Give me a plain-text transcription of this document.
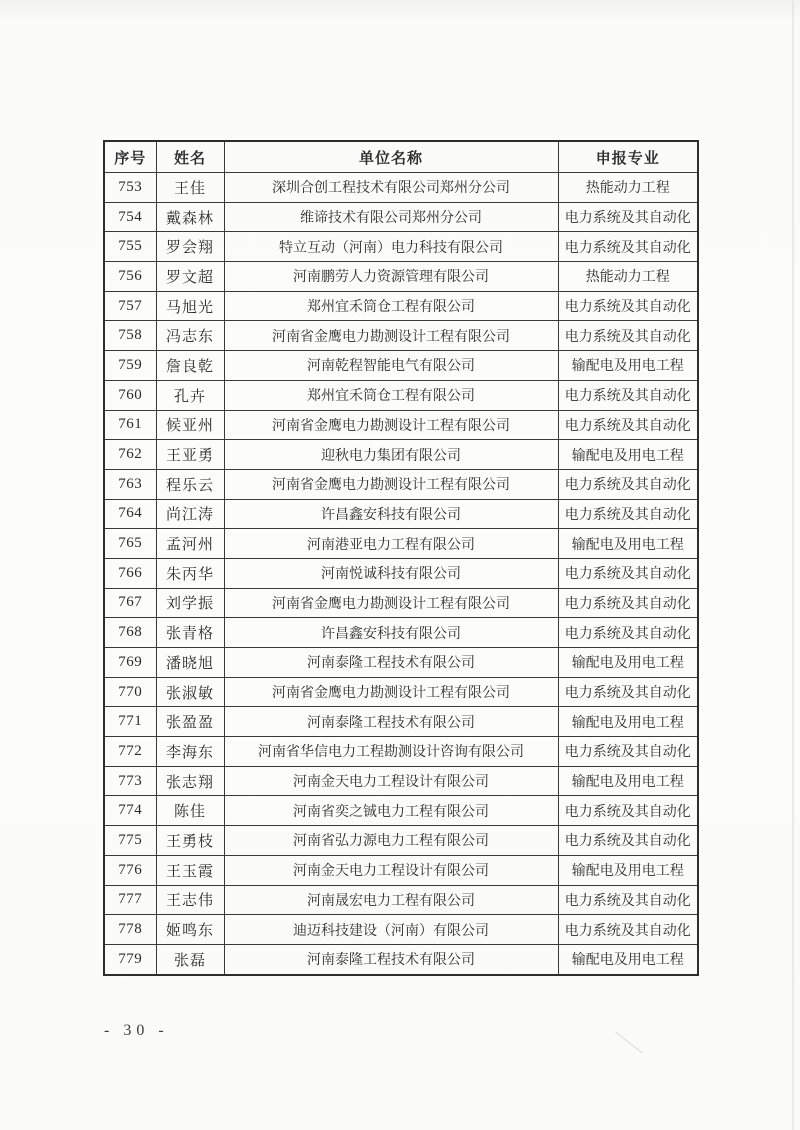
序号	姓名	单位名称	申报专业
753	王佳	深圳合创工程技术有限公司郑州分公司	热能动力工程
754	戴森林	维谛技术有限公司郑州分公司	电力系统及其自动化
755	罗会翔	特立互动（河南）电力科技有限公司	电力系统及其自动化
756	罗文超	河南鹏劳人力资源管理有限公司	热能动力工程
757	马旭光	郑州宜禾筒仓工程有限公司	电力系统及其自动化
758	冯志东	河南省金鹰电力勘测设计工程有限公司	电力系统及其自动化
759	詹良乾	河南乾程智能电气有限公司	输配电及用电工程
760	孔卉	郑州宜禾筒仓工程有限公司	电力系统及其自动化
761	候亚州	河南省金鹰电力勘测设计工程有限公司	电力系统及其自动化
762	王亚勇	迎秋电力集团有限公司	输配电及用电工程
763	程乐云	河南省金鹰电力勘测设计工程有限公司	电力系统及其自动化
764	尚江涛	许昌鑫安科技有限公司	电力系统及其自动化
765	孟河州	河南港亚电力工程有限公司	输配电及用电工程
766	朱丙华	河南悦诚科技有限公司	电力系统及其自动化
767	刘学振	河南省金鹰电力勘测设计工程有限公司	电力系统及其自动化
768	张青格	许昌鑫安科技有限公司	电力系统及其自动化
769	潘晓旭	河南泰隆工程技术有限公司	输配电及用电工程
770	张淑敏	河南省金鹰电力勘测设计工程有限公司	电力系统及其自动化
771	张盈盈	河南泰隆工程技术有限公司	输配电及用电工程
772	李海东	河南省华信电力工程勘测设计咨询有限公司	电力系统及其自动化
773	张志翔	河南金天电力工程设计有限公司	输配电及用电工程
774	陈佳	河南省奕之铖电力工程有限公司	电力系统及其自动化
775	王勇枝	河南省弘力源电力工程有限公司	电力系统及其自动化
776	王玉霞	河南金天电力工程设计有限公司	输配电及用电工程
777	王志伟	河南晟宏电力工程有限公司	电力系统及其自动化
778	姬鸣东	迪迈科技建设（河南）有限公司	电力系统及其自动化
779	张磊	河南泰隆工程技术有限公司	输配电及用电工程
- 30 -
